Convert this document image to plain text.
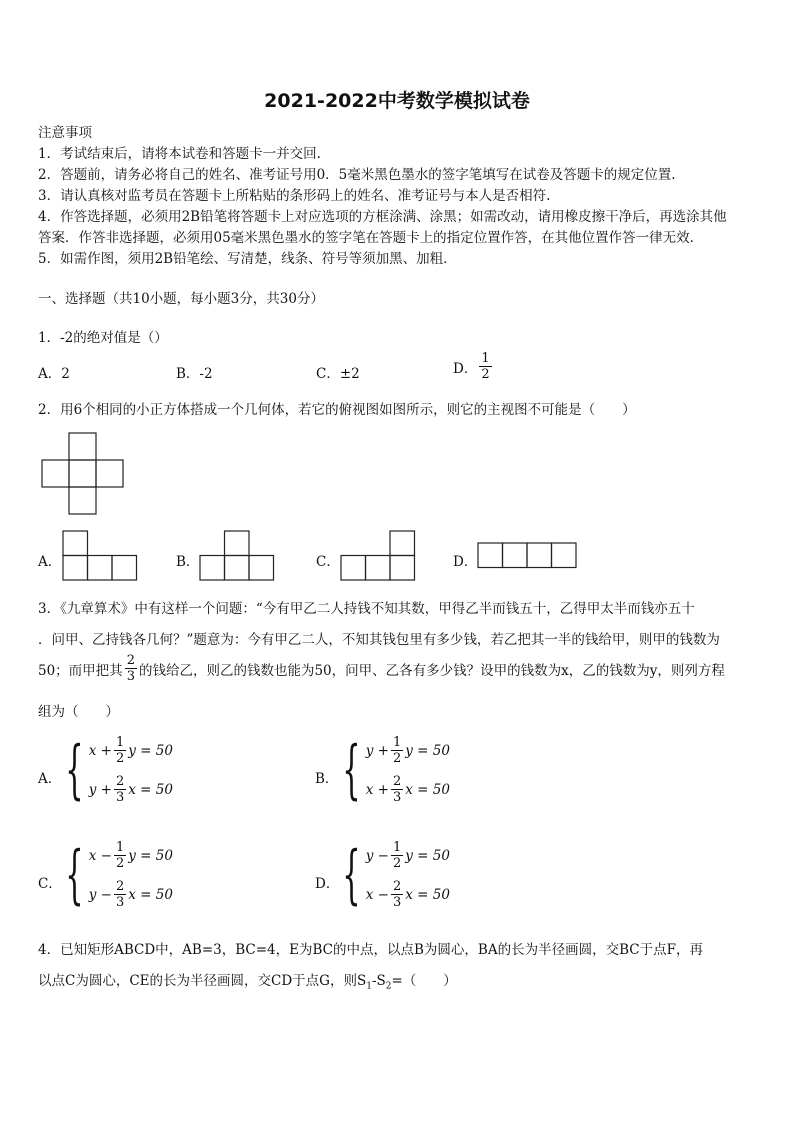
2021-2022中考数学模拟试卷
注意事项
1．考试结束后，请将本试卷和答题卡一并交回.
2．答题前，请务必将自己的姓名、准考证号用0．5毫米黑色墨水的签字笔填写在试卷及答题卡的规定位置.
3．请认真核对监考员在答题卡上所粘贴的条形码上的姓名、准考证号与本人是否相符.
4．作答选择题，必须用2B铅笔将答题卡上对应选项的方框涂满、涂黑；如需改动，请用橡皮擦干净后，再选涂其他
答案．作答非选择题，必须用05毫米黑色墨水的签字笔在答题卡上的指定位置作答，在其他位置作答一律无效．
5．如需作图，须用2B铅笔绘、写清楚，线条、符号等须加黑、加粗．
一、选择题（共10小题，每小题3分，共30分）
1．-2的绝对值是（）
A．2	B．-2	C．±2	D． $\frac{1}{2}$
2．用6个相同的小正方体搭成一个几何体，若它的俯视图如图所示，则它的主视图不可能是（　　）
A．	B．	C．	D．
3．《九章算术》中有这样一个问题：“今有甲乙二人持钱不知其数，甲得乙半而钱五十，乙得甲太半而钱亦五十
．问甲、乙持钱各几何？”题意为：今有甲乙二人，不知其钱包里有多少钱，若乙把其一半的钱给甲，则甲的钱数为
50；而甲把其 $\frac{2}{3}$ 的钱给乙，则乙的钱数也能为50，问甲、乙各有多少钱？设甲的钱数为x，乙的钱数为y，则列方程
组为（　　）
A． { $x + \frac{1}{2}$ y = 50
$y + \frac{2}{3}$ x = 50
B． { $y + \frac{1}{2}$ y = 50
$x + \frac{2}{3}$ x = 50
C． { $x - \frac{1}{2}$ y = 50
$y - \frac{2}{3}$ x = 50
D． { $y - \frac{1}{2}$ y = 50
$x - \frac{2}{3}$ x = 50
4．已知矩形ABCD中，AB=3，BC=4，E为BC的中点，以点B为圆心，BA的长为半径画圆，交BC于点F，再
以点C为圆心，CE的长为半径画圆，交CD于点G，则$S_1-S_2=$（　　）
